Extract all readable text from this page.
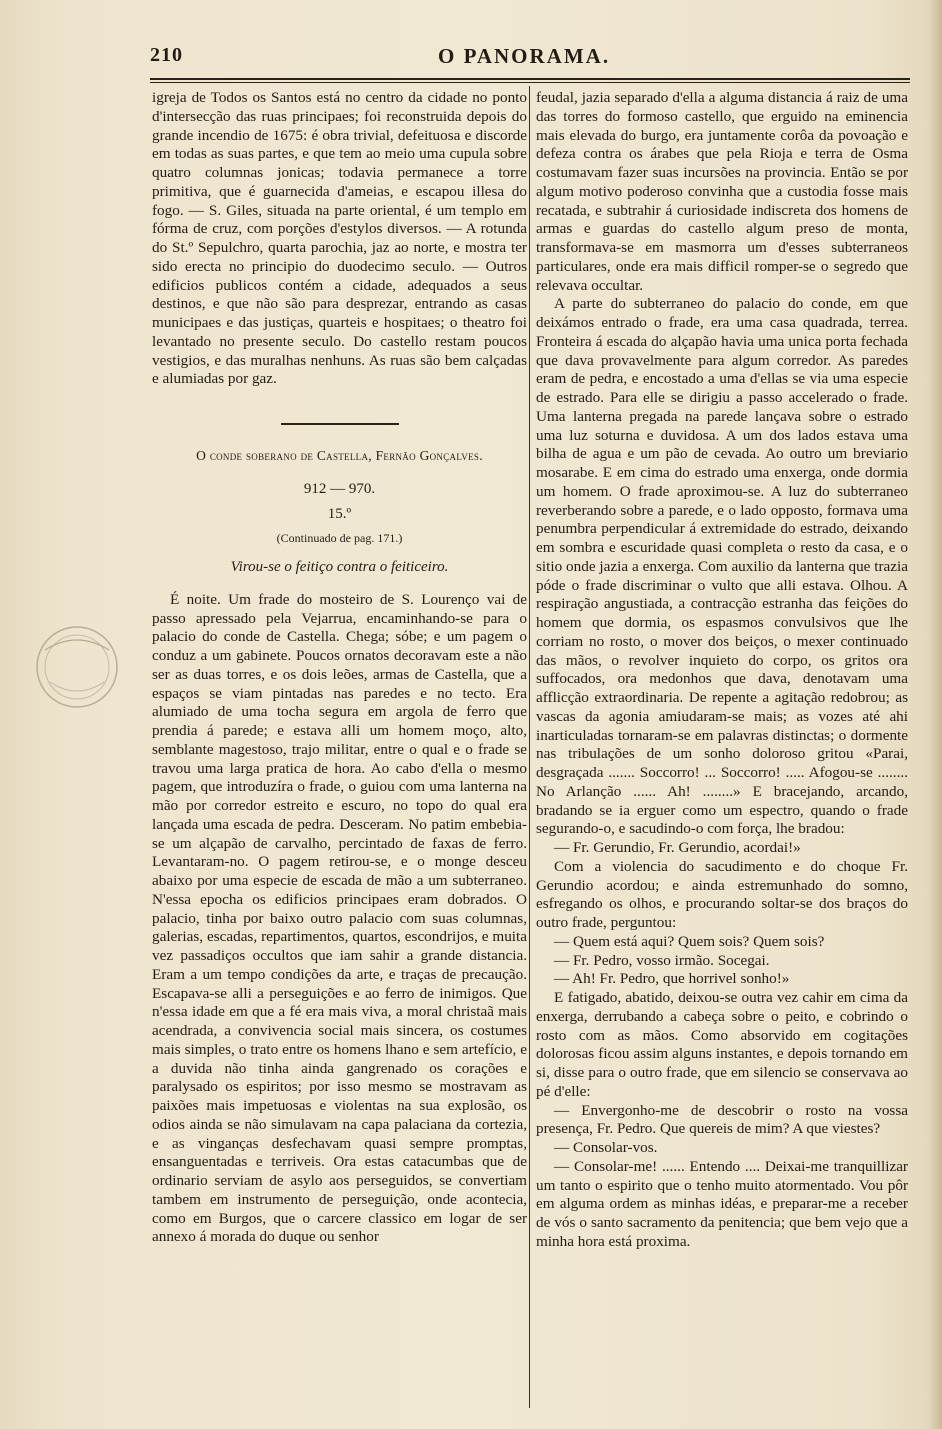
210	O PANORAMA.

igreja de Todos os Santos está no centro da cidade no ponto d'intersecção das ruas principaes; foi reconstruida depois do grande incendio de 1675: é obra trivial, defeituosa e discorde em todas as suas partes, e que tem ao meio uma cupula sobre quatro columnas jonicas; todavia permanece a torre primitiva, que é guarnecida d'ameias, e escapou illesa do fogo. — S. Giles, situada na parte oriental, é um templo em fórma de cruz, com porções d'estylos diversos. — A rotunda do St.º Sepulchro, quarta parochia, jaz ao norte, e mostra ter sido erecta no principio do duodecimo seculo. — Outros edificios publicos contém a cidade, adequados a seus destinos, e que não são para desprezar, entrando as casas municipaes e das justiças, quarteis e hospitaes; o theatro foi levantado no presente seculo. Do castello restam poucos vestigios, e das muralhas nenhuns. As ruas são bem calçadas e alumiadas por gaz.

O conde soberano de Castella, Fernão Gonçalves.

912 — 970.

15.º

(Continuado de pag. 171.)

Virou-se o feitiço contra o feiticeiro.

É noite. Um frade do mosteiro de S. Lourenço vai de passo apressado pela Vejarrua, encaminhando-se para o palacio do conde de Castella. Chega; sóbe; e um pagem o conduz a um gabinete. Poucos ornatos decoravam este a não ser as duas torres, e os dois leões, armas de Castella, que a espaços se viam pintadas nas paredes e no tecto. Era alumiado de uma tocha segura em argola de ferro que prendia á parede; e estava alli um homem moço, alto, semblante magestoso, trajo militar, entre o qual e o frade se travou uma larga pratica de hora. Ao cabo d'ella o mesmo pagem, que introduzíra o frade, o guiou com uma lanterna na mão por corredor estreito e escuro, no topo do qual era lançada uma escada de pedra. Desceram. No patim embebia-se um alçapão de carvalho, percintado de faxas de ferro. Levantaram-no. O pagem retirou-se, e o monge desceu abaixo por uma especie de escada de mão a um subterraneo. N'essa epocha os edificios principaes eram dobrados. O palacio, tinha por baixo outro palacio com suas columnas, galerias, escadas, repartimentos, quartos, escondrijos, e muita vez passadiços occultos que iam sahir a grande distancia. Eram a um tempo condições da arte, e traças de precaução. Escapava-se alli a perseguições e ao ferro de inimigos. Que n'essa idade em que a fé era mais viva, a moral christaã mais acendrada, a convivencia social mais sincera, os costumes mais simples, o trato entre os homens lhano e sem artefício, e a duvida não tinha ainda gangrenado os corações e paralysado os espiritos; por isso mesmo se mostravam as paixões mais impetuosas e violentas na sua explosão, os odios ainda se não simulavam na capa palaciana da cortezia, e as vinganças desfechavam quasi sempre promptas, ensanguentadas e terriveis. Ora estas catacumbas que de ordinario serviam de asylo aos perseguidos, se convertiam tambem em instrumento de perseguição, onde acontecia, como em Burgos, que o carcere classico em logar de ser annexo á morada do duque ou senhor

feudal, jazia separado d'ella a alguma distancia á raiz de uma das torres do formoso castello, que erguido na eminencia mais elevada do burgo, era juntamente corôa da povoação e defeza contra os árabes que pela Rioja e terra de Osma costumavam fazer suas incursões na provincia. Então se por algum motivo poderoso convinha que a custodia fosse mais recatada, e subtrahir á curiosidade indiscreta dos homens de armas e guardas do castello algum preso de monta, transformava-se em masmorra um d'esses subterraneos particulares, onde era mais difficil romper-se o segredo que relevava occultar.

A parte do subterraneo do palacio do conde, em que deixámos entrado o frade, era uma casa quadrada, terrea. Fronteira á escada do alçapão havia uma unica porta fechada que dava provavelmente para algum corredor. As paredes eram de pedra, e encostado a uma d'ellas se via uma especie de estrado. Para elle se dirigiu a passo accelerado o frade. Uma lanterna pregada na parede lançava sobre o estrado uma luz soturna e duvidosa. A um dos lados estava uma bilha de agua e um pão de cevada. Ao outro um breviario mosarabe. E em cima do estrado uma enxerga, onde dormia um homem. O frade aproximou-se. A luz do subterraneo reverberando sobre a parede, e o lado opposto, formava uma penumbra perpendicular á extremidade do estrado, deixando em sombra e escuridade quasi completa o resto da casa, e o sitio onde jazia a enxerga. Com auxilio da lanterna que trazia póde o frade discriminar o vulto que alli estava. Olhou. A respiração angustiada, a contracção estranha das feições do homem que dormia, os espasmos convulsivos que lhe corriam no rosto, o mover dos beiços, o mexer continuado das mãos, o revolver inquieto do corpo, os gritos ora suffocados, ora medonhos que dava, denotavam uma afflicção extraordinaria. De repente a agitação redobrou; as vascas da agonia amiudaram-se mais; as vozes até ahi inarticuladas tornaram-se em palavras distinctas; o dormente nas tribulações de um sonho doloroso gritou «Parai, desgraçada ....... Soccorro! ... Soccorro! ..... Afogou-se ........ No Arlanção ...... Ah! ........» E bracejando, arcando, bradando se ia erguer como um espectro, quando o frade segurando-o, e sacudindo-o com força, lhe bradou:

— Fr. Gerundio, Fr. Gerundio, acordai!»

Com a violencia do sacudimento e do choque Fr. Gerundio acordou; e ainda estremunhado do somno, esfregando os olhos, e procurando soltar-se dos braços do outro frade, perguntou:

— Quem está aqui? Quem sois? Quem sois?

— Fr. Pedro, vosso irmão. Socegai.

— Ah! Fr. Pedro, que horrivel sonho!»

E fatigado, abatido, deixou-se outra vez cahir em cima da enxerga, derrubando a cabeça sobre o peito, e cobrindo o rosto com as mãos. Como absorvido em cogitações dolorosas ficou assim alguns instantes, e depois tornando em si, disse para o outro frade, que em silencio se conservava ao pé d'elle:

— Envergonho-me de descobrir o rosto na vossa presença, Fr. Pedro. Que quereis de mim? A que viestes?

— Consolar-vos.

— Consolar-me! ...... Entendo .... Deixai-me tranquillizar um tanto o espirito que o tenho muito atormentado. Vou pôr em alguma ordem as minhas idéas, e preparar-me a receber de vós o santo sacramento da penitencia; que bem vejo que a minha hora está proxima.
